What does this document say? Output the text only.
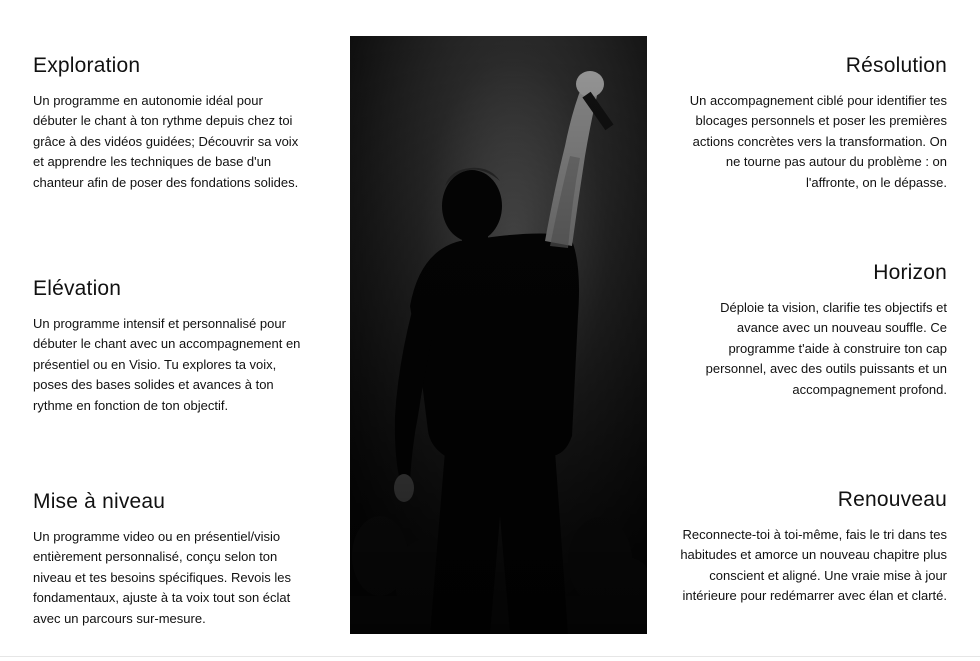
Exploration

Un programme en autonomie idéal pour débuter le chant à ton rythme depuis chez toi grâce à des vidéos guidées; Découvrir sa voix et apprendre les techniques de base d'un chanteur afin de poser des fondations solides.

Elévation

Un programme intensif et personnalisé pour débuter le chant avec un accompagnement en présentiel ou en Visio. Tu explores ta voix, poses des bases solides et avances à ton rythme en fonction de ton objectif.

Mise à niveau

Un programme video ou en présentiel/visio entièrement personnalisé, conçu selon ton niveau et tes besoins spécifiques. Revois les fondamentaux, ajuste à ta voix tout son éclat avec un parcours sur-mesure.

Résolution

Un accompagnement ciblé pour identifier tes blocages personnels et poser les premières actions concrètes vers la transformation. On ne tourne pas autour du problème : on l'affronte, on le dépasse.

Horizon

Déploie ta vision, clarifie tes objectifs et avance avec un nouveau souffle. Ce programme t'aide à construire ton cap personnel, avec des outils puissants et un accompagnement profond.

Renouveau

Reconnecte-toi à toi-même, fais le tri dans tes habitudes et amorce un nouveau chapitre plus conscient et aligné. Une vraie mise à jour intérieure pour redémarrer avec élan et clarté.
